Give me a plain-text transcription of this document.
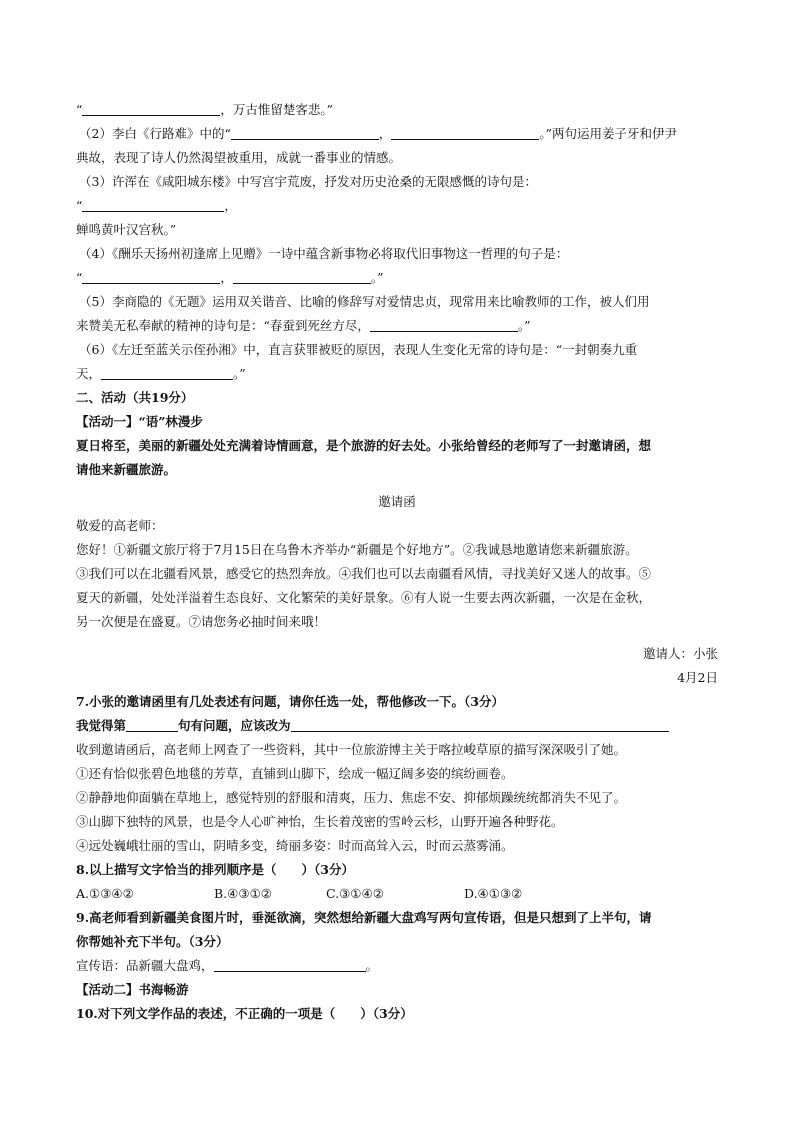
“	，万古惟留楚客悲。”
（2）李白《行路难》中的“	，	。”两句运用姜子牙和伊尹
典故，表现了诗人仍然渴望被重用，成就一番事业的情感。
（3）许浑在《咸阳城东楼》中写宫宇荒废，抒发对历史沧桑的无限感慨的诗句是：
“	，
蝉鸣黄叶汉宫秋。”
（4）《酬乐天扬州初逢席上见赠》一诗中蕴含新事物必将取代旧事物这一哲理的句子是：
“	，	。”
（5）李商隐的《无题》运用双关谐音、比喻的修辞写对爱情忠贞，现常用来比喻教师的工作，被人们用
来赞美无私奉献的精神的诗句是：“春蚕到死丝方尽，	。”
（6）《左迁至蓝关示侄孙湘》中，直言获罪被贬的原因，表现人生变化无常的诗句是：“一封朝奏九重
天，	。”
二、活动（共19分）
【活动一】“语”林漫步
夏日将至，美丽的新疆处处充满着诗情画意，是个旅游的好去处。小张给曾经的老师写了一封邀请函，想
请他来新疆旅游。
邀请函
敬爱的高老师：
您好！①新疆文旅厅将于7月15日在乌鲁木齐举办“新疆是个好地方”。②我诚恳地邀请您来新疆旅游。
③我们可以在北疆看风景，感受它的热烈奔放。④我们也可以去南疆看风情，寻找美好又迷人的故事。⑤
夏天的新疆，处处洋溢着生态良好、文化繁荣的美好景象。⑥有人说一生要去两次新疆，一次是在金秋，
另一次便是在盛夏。⑦请您务必抽时间来哦！
邀请人：小张
4月2日
7.小张的邀请函里有几处表述有问题，请你任选一处，帮他修改一下。（3分）
我觉得第	句有问题，应该改为
收到邀请函后，高老师上网查了一些资料，其中一位旅游博主关于喀拉峻草原的描写深深吸引了她。
①还有恰似张碧色地毯的芳草，直铺到山脚下，绘成一幅辽阔多姿的缤纷画卷。
②静静地仰面躺在草地上，感觉特别的舒服和清爽，压力、焦虑不安、抑郁烦躁统统都消失不见了。
③山脚下独特的风景，也是令人心旷神怡，生长着茂密的雪岭云杉，山野开遍各种野花。
④远处巍峨壮丽的雪山，阴晴多变，绮丽多姿：时而高耸入云，时而云蒸雾涌。
8.以上描写文字恰当的排列顺序是（　　）（3分）
A.①③④②	B.④③①②	C.③①④②	D.④①③②
9.高老师看到新疆美食图片时，垂涎欲滴，突然想给新疆大盘鸡写两句宣传语，但是只想到了上半句，请
你帮她补充下半句。（3分）
宣传语：品新疆大盘鸡，	。
【活动二】书海畅游
10.对下列文学作品的表述，不正确的一项是（　　）（3分）
